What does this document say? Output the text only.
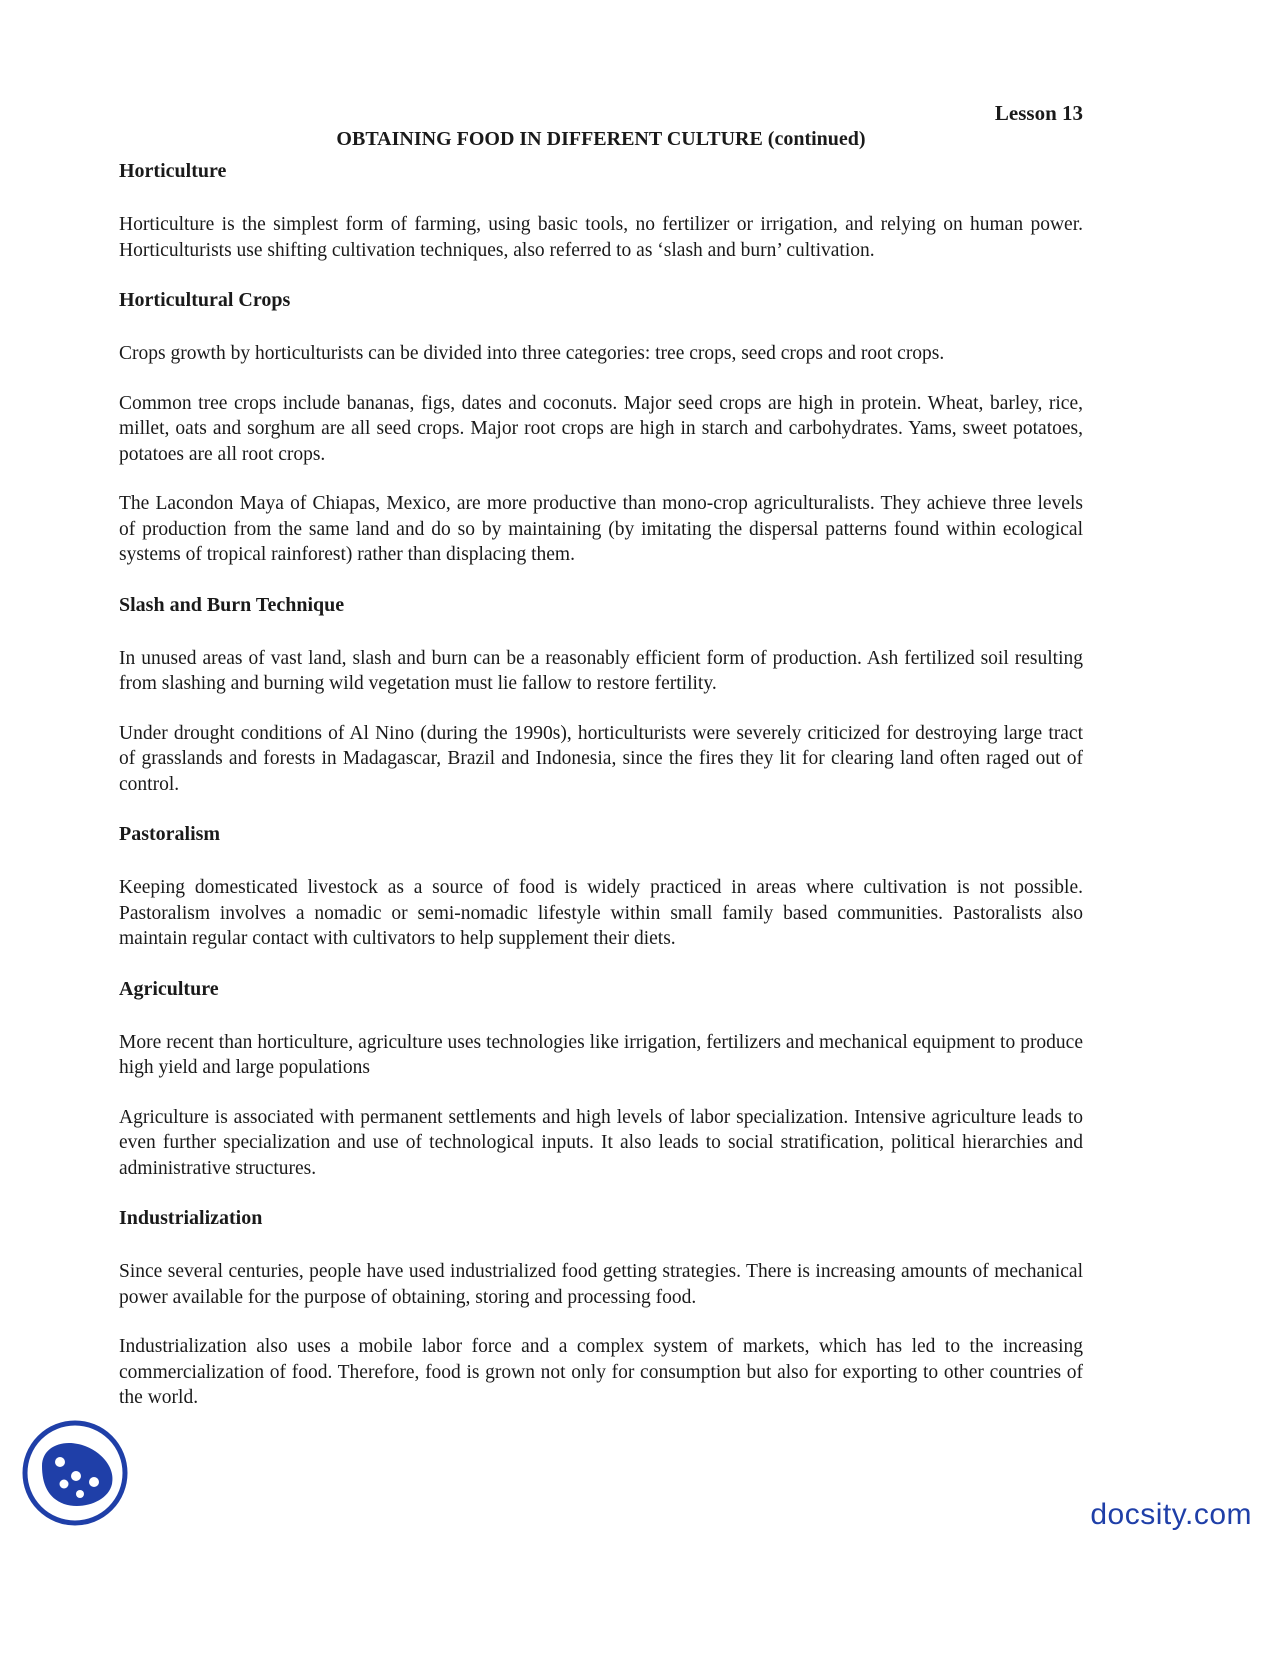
Lesson 13

OBTAINING FOOD IN DIFFERENT CULTURE (continued)

Horticulture

Horticulture is the simplest form of farming, using basic tools, no fertilizer or irrigation, and relying on human power. Horticulturists use shifting cultivation techniques, also referred to as ‘slash and burn’ cultivation.

Horticultural Crops

Crops growth by horticulturists can be divided into three categories: tree crops, seed crops and root crops.

Common tree crops include bananas, figs, dates and coconuts. Major seed crops are high in protein. Wheat, barley, rice, millet, oats and sorghum are all seed crops. Major root crops are high in starch and carbohydrates. Yams, sweet potatoes, potatoes are all root crops.

The Lacondon Maya of Chiapas, Mexico, are more productive than mono-crop agriculturalists. They achieve three levels of production from the same land and do so by maintaining (by imitating the dispersal patterns found within ecological systems of tropical rainforest) rather than displacing them.

Slash and Burn Technique

In unused areas of vast land, slash and burn can be a reasonably efficient form of production. Ash fertilized soil resulting from slashing and burning wild vegetation must lie fallow to restore fertility.

Under drought conditions of Al Nino (during the 1990s), horticulturists were severely criticized for destroying large tract of grasslands and forests in Madagascar, Brazil and Indonesia, since the fires they lit for clearing land often raged out of control.

Pastoralism

Keeping domesticated livestock as a source of food is widely practiced in areas where cultivation is not possible. Pastoralism involves a nomadic or semi-nomadic lifestyle within small family based communities. Pastoralists also maintain regular contact with cultivators to help supplement their diets.

Agriculture

More recent than horticulture, agriculture uses technologies like irrigation, fertilizers and mechanical equipment to produce high yield and large populations

Agriculture is associated with permanent settlements and high levels of labor specialization. Intensive agriculture leads to even further specialization and use of technological inputs. It also leads to social stratification, political hierarchies and administrative structures.

Industrialization

Since several centuries, people have used industrialized food getting strategies. There is increasing amounts of mechanical power available for the purpose of obtaining, storing and processing food.

Industrialization also uses a mobile labor force and a complex system of markets, which has led to the increasing commercialization of food. Therefore, food is grown not only for consumption but also for exporting to other countries of the world.

docsity.com
